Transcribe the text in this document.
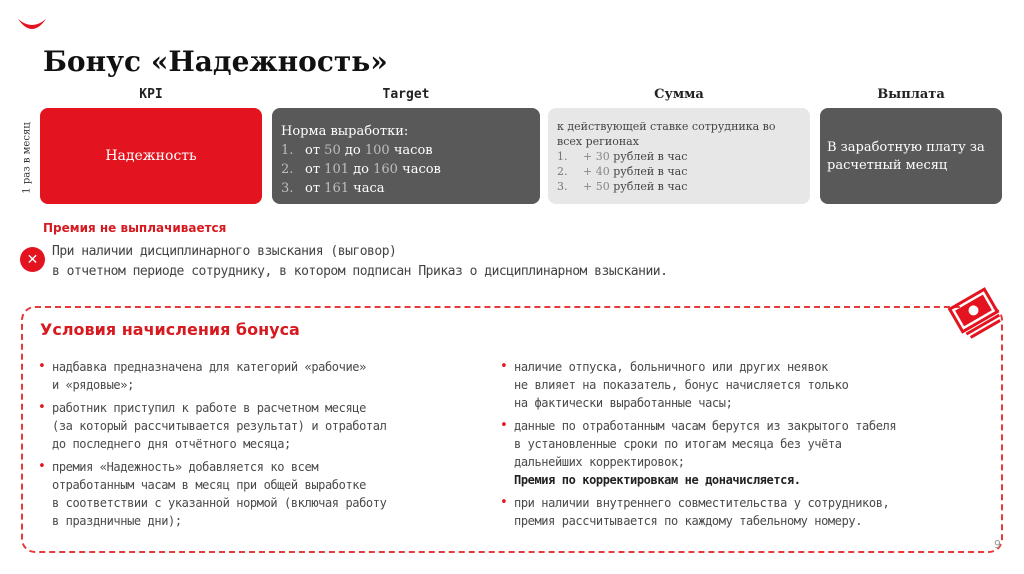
Бонус «Надежность»
KPI	Target	Сумма	Выплата
1 раз в месяц	Надежность
Норма выработки:
1. от 50 до 100 часов
2. от 101 до 160 часов
3. от 161 часа
к действующей ставке сотрудника во всех регионах
1. + 30 рублей в час
2. + 40 рублей в час
3. + 50 рублей в час
В заработную плату за расчетный месяц
Премия не выплачивается
✕	При наличии дисциплинарного взыскания (выговор)
в отчетном периоде сотруднику, в котором подписан Приказ о дисциплинарном взыскании.
Условия начисления бонуса
• надбавка предназначена для категорий «рабочие»
и «рядовые»;
• работник приступил к работе в расчетном месяце
(за который рассчитывается результат) и отработал
до последнего дня отчётного месяца;
• премия «Надежность» добавляется ко всем
отработанным часам в месяц при общей выработке
в соответствии с указанной нормой (включая работу
в праздничные дни);
• наличие отпуска, больничного или других неявок
не влияет на показатель, бонус начисляется только
на фактически выработанные часы;
• данные по отработанным часам берутся из закрытого табеля
в установленные сроки по итогам месяца без учёта
дальнейших корректировок;
Премия по корректировкам не доначисляется.
• при наличии внутреннего совместительства у сотрудников,
премия рассчитывается по каждому табельному номеру.
9
